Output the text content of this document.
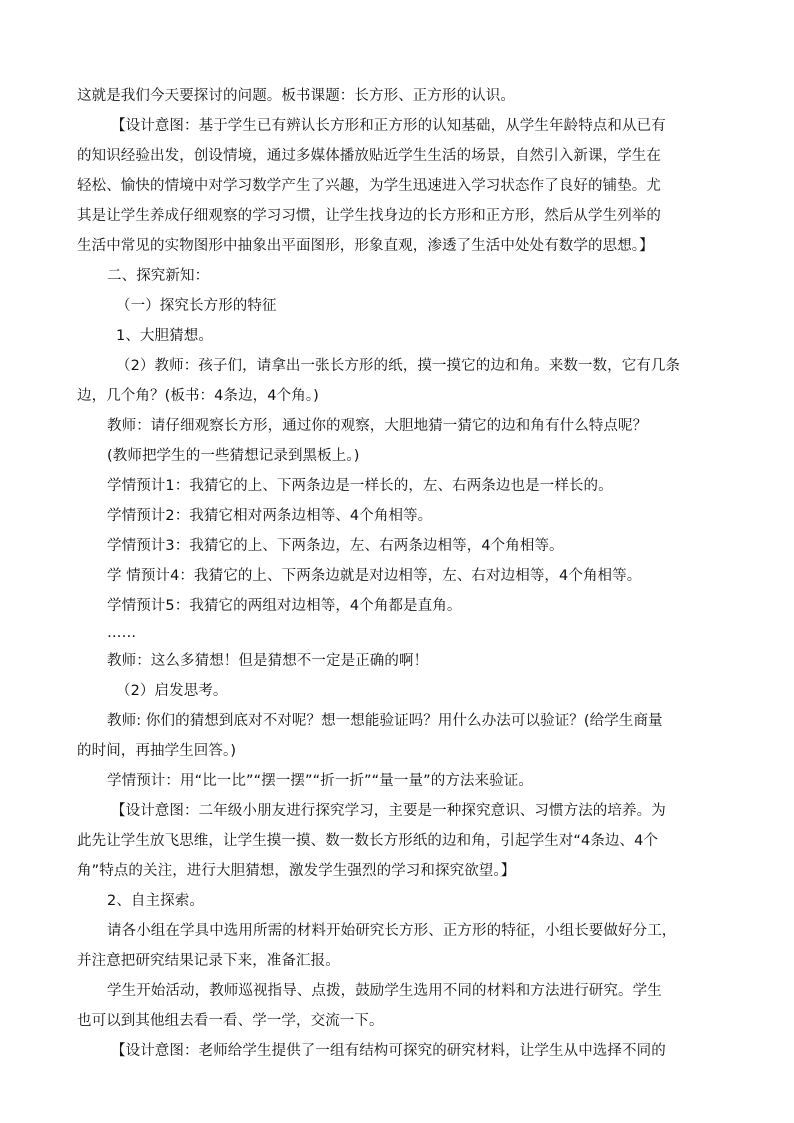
这就是我们今天要探讨的问题。板书课题：长方形、正方形的认识。
【设计意图：基于学生已有辨认长方形和正方形的认知基础，从学生年龄特点和从已有
的知识经验出发，创设情境，通过多媒体播放贴近学生生活的场景，自然引入新课，学生在
轻松、愉快的情境中对学习数学产生了兴趣，为学生迅速进入学习状态作了良好的铺垫。尤
其是让学生养成仔细观察的学习习惯，让学生找身边的长方形和正方形，然后从学生列举的
生活中常见的实物图形中抽象出平面图形，形象直观，渗透了生活中处处有数学的思想。】
二、探究新知：
（一）探究长方形的特征
1、大胆猜想。
（2）教师：孩子们，请拿出一张长方形的纸，摸一摸它的边和角。来数一数，它有几条
边，几个角？(板书：4条边，4个角。)
教师：请仔细观察长方形，通过你的观察，大胆地猜一猜它的边和角有什么特点呢？
(教师把学生的一些猜想记录到黑板上。)
学情预计1：我猜它的上、下两条边是一样长的，左、右两条边也是一样长的。
学情预计2：我猜它相对两条边相等、4个角相等。
学情预计3：我猜它的上、下两条边，左、右两条边相等，4个角相等。
学 情预计4：我猜它的上、下两条边就是对边相等，左、右对边相等，4个角相等。
学情预计5：我猜它的两组对边相等，4个角都是直角。
……
教师：这么多猜想！但是猜想不一定是正确的啊！
（2）启发思考。
教师: 你们的猜想到底对不对呢？想一想能验证吗？用什么办法可以验证？(给学生商量
的时间，再抽学生回答。)
学情预计：用“比一比”“摆一摆”“折一折”“量一量”的方法来验证。
【设计意图：二年级小朋友进行探究学习，主要是一种探究意识、习惯方法的培养。为
此先让学生放飞思维，让学生摸一摸、数一数长方形纸的边和角，引起学生对“4条边、4个
角”特点的关注，进行大胆猜想，激发学生强烈的学习和探究欲望。】
2、自主探索。
请各小组在学具中选用所需的材料开始研究长方形、正方形的特征，小组长要做好分工，
并注意把研究结果记录下来，准备汇报。
学生开始活动，教师巡视指导、点拨，鼓励学生选用不同的材料和方法进行研究。学生
也可以到其他组去看一看、学一学，交流一下。
【设计意图：老师给学生提供了一组有结构可探究的研究材料，让学生从中选择不同的
